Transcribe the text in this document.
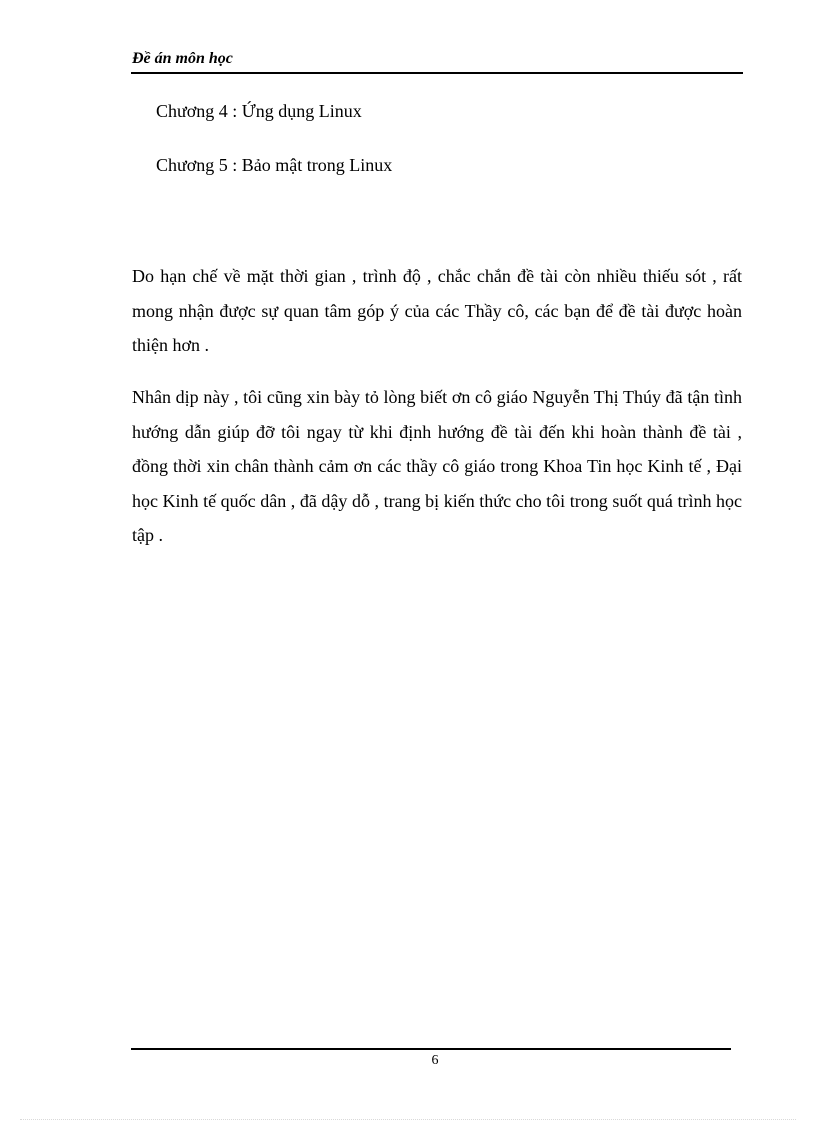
Đề án môn học
Chương 4 : Ứng dụng Linux
Chương 5 : Bảo mật trong Linux

Do hạn chế về mặt thời gian , trình độ , chắc chắn đề tài còn nhiều thiếu sót , rất mong nhận được sự quan tâm góp ý của các Thầy cô, các bạn để đề tài được hoàn thiện hơn .

Nhân dịp này , tôi cũng xin bày tỏ lòng biết ơn cô giáo Nguyễn Thị Thúy đã tận tình hướng dẫn giúp đỡ tôi ngay từ khi định hướng đề tài đến khi hoàn thành đề tài , đồng thời xin chân thành cảm ơn các thầy cô giáo trong Khoa Tin học Kinh tế , Đại học Kinh tế quốc dân , đã dậy dỗ , trang bị kiến thức cho tôi trong suốt quá trình học tập .

6
